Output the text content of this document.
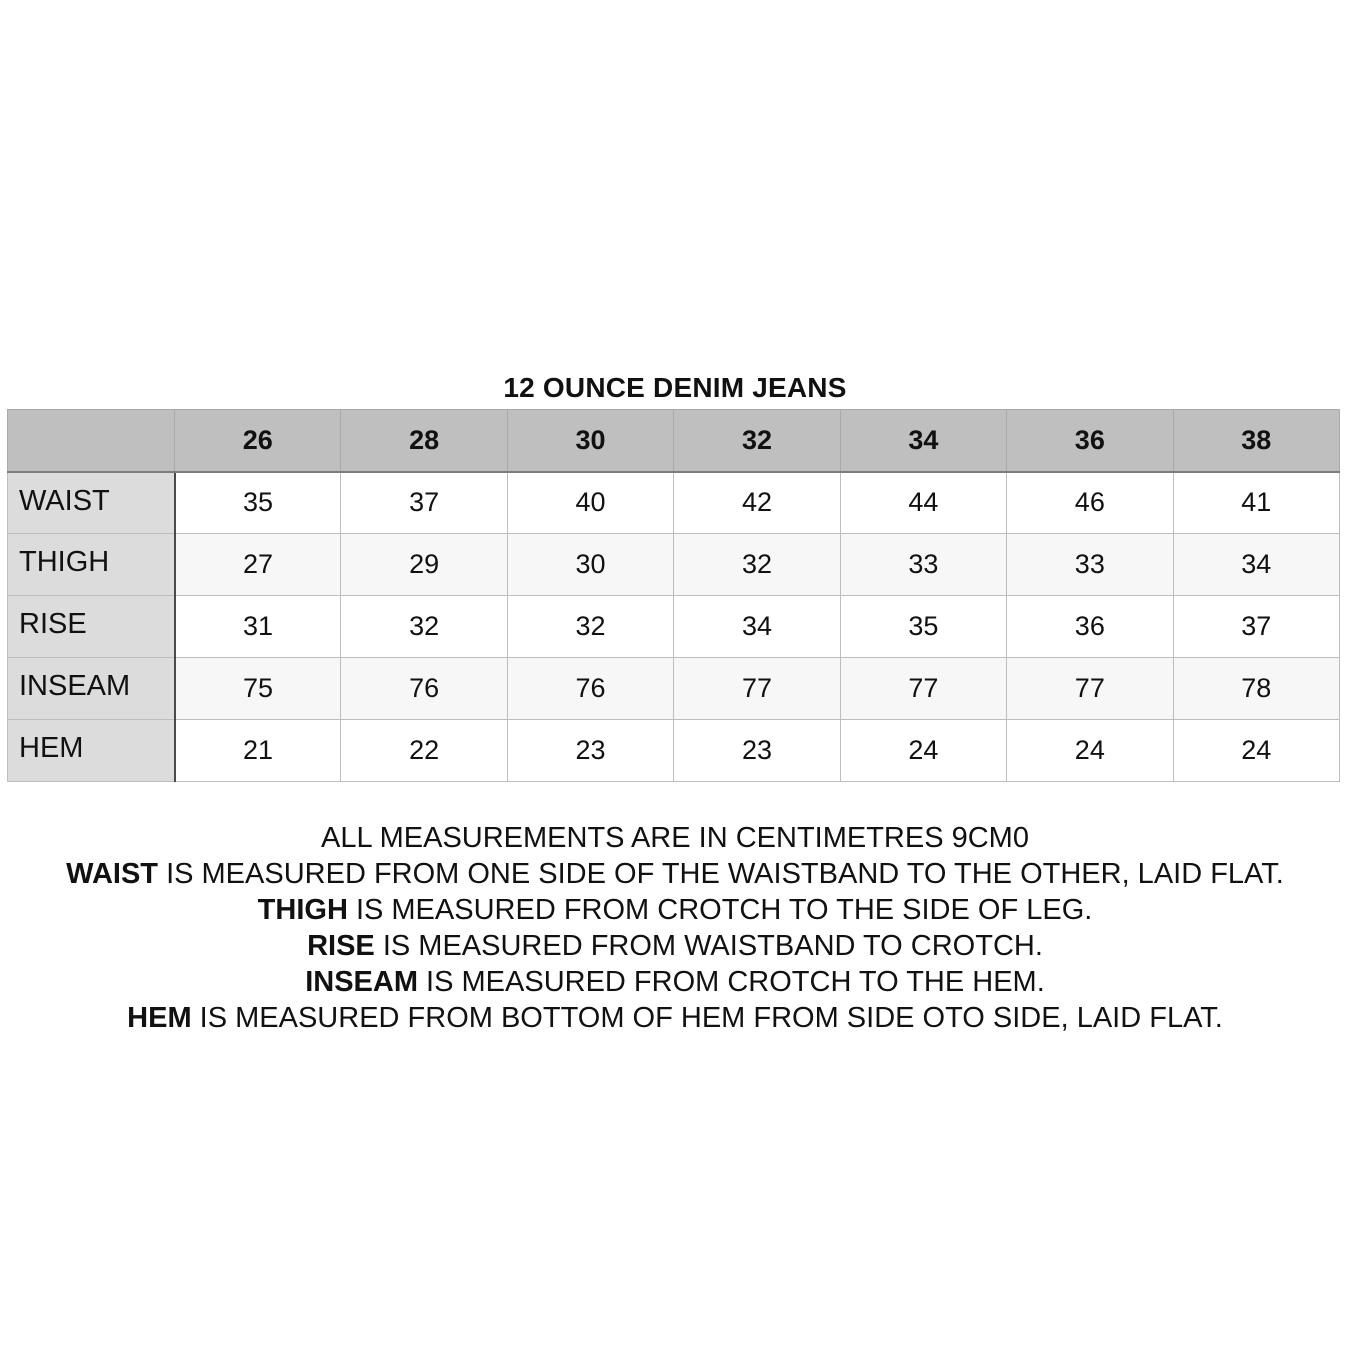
12 OUNCE DENIM JEANS
	26	28	30	32	34	36	38
WAIST	35	37	40	42	44	46	41
THIGH	27	29	30	32	33	33	34
RISE	31	32	32	34	35	36	37
INSEAM	75	76	76	77	77	77	78
HEM	21	22	23	23	24	24	24
ALL MEASUREMENTS ARE IN CENTIMETRES 9CM0
WAIST IS MEASURED FROM ONE SIDE OF THE WAISTBAND TO THE OTHER, LAID FLAT.
THIGH IS MEASURED FROM CROTCH TO THE SIDE OF LEG.
RISE IS MEASURED FROM WAISTBAND TO CROTCH.
INSEAM IS MEASURED FROM CROTCH TO THE HEM.
HEM IS MEASURED FROM BOTTOM OF HEM FROM SIDE OTO SIDE, LAID FLAT.
